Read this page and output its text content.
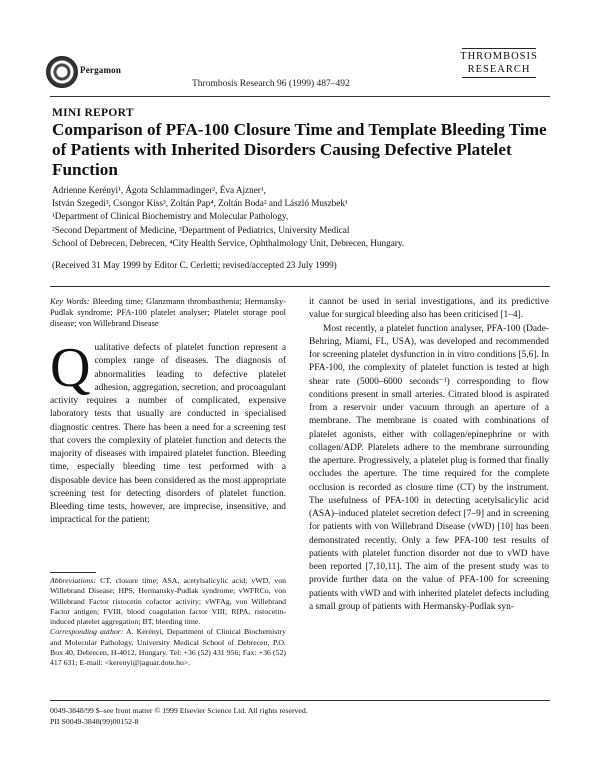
Pergamon
THROMBOSIS
RESEARCH
Thrombosis Research 96 (1999) 487–492
MINI REPORT
Comparison of PFA-100 Closure Time and Template Bleeding Time of Patients with Inherited Disorders Causing Defective Platelet Function
Adrienne Kerényi¹, Ágota Schlammadinger², Éva Ajzner¹,
István Szegedi³, Csongor Kiss³, Zoltán Pap⁴, Zoltán Boda² and László Muszbek¹
¹Department of Clinical Biochemistry and Molecular Pathology,
²Second Department of Medicine, ³Department of Pediatrics, University Medical
School of Debrecen, Debrecen, ⁴City Health Service, Ophthalmology Unit, Debrecen, Hungary.
(Received 31 May 1999 by Editor C. Cerletti; revised/accepted 23 July 1999)
Key Words: Bleeding time; Glanzmann thrombasthenia; Hermansky-Pudlak syndrome; PFA-100 platelet analyser; Platelet storage pool disease; von Willebrand Disease
Q ualitative defects of platelet function represent a complex range of diseases. The diagnosis of abnormalities leading to defective platelet adhesion, aggregation, secretion, and procoagulant activity requires a number of complicated, expensive laboratory tests that usually are conducted in specialised diagnostic centres. There has been a need for a screening test that covers the complexity of platelet function and detects the majority of diseases with impaired platelet function. Bleeding time, especially bleeding time test performed with a disposable device has been considered as the most appropriate screening test for detecting disorders of platelet function. Bleeding time tests, however, are imprecise, insensitive, and impractical for the patient;
Abbreviations: CT, closure time; ASA, acetylsalicylic acid; vWD, von Willebrand Disease; HPS, Hermansky-Pudlak syndrome; vWFRCo, von Willebrand Factor ristocetin cofactor activity; vWFAg, von Willebrand Factor antigen; FVIII, blood coagulation factor VIII; RIPA, ristocetin-induced platelet aggregation; BT, bleeding time.
Corresponding author: A. Kerényi, Department of Clinical Biochemistry and Molecular Pathology, University Medical School of Debrecen, P.O. Box 40, Debrecen, H-4012, Hungary. Tel: +36 (52) 431 956; Fax: +36 (52) 417 631; E-mail: <kerenyi@jaguar.dote.hu>.

it cannot be used in serial investigations, and its predictive value for surgical bleeding also has been criticised [1–4].

Most recently, a platelet function analyser, PFA-100 (Dade-Behring, Miami, FL, USA), was developed and recommended for screening platelet dysfunction in in vitro conditions [5,6]. In PFA-100, the complexity of platelet function is tested at high shear rate (5000–6000 seconds⁻¹) corresponding to flow conditions present in small arteries. Citrated blood is aspirated from a reservoir under vacuum through an aperture of a membrane. The membrane is coated with combinations of platelet agonists, either with collagen/epinephrine or with collagen/ADP. Platelets adhere to the membrane surrounding the aperture. Progressively, a platelet plug is formed that finally occludes the aperture. The time required for the complete occlusion is recorded as closure time (CT) by the instrument. The usefulness of PFA-100 in detecting acetylsalicylic acid (ASA)–induced platelet secretion defect [7–9] and in screening for patients with von Willebrand Disease (vWD) [10] has been demonstrated recently. Only a few PFA-100 test results of patients with platelet function disorder not due to vWD have been reported [7,10,11]. The aim of the present study was to provide further data on the value of PFA-100 for screening patients with vWD and with inherited platelet defects including a small group of patients with Hermansky-Pudlak syn-

0049-3848/99 $–see front matter © 1999 Elsevier Science Ltd. All rights reserved.
PII S0049-3848(99)00152-8
